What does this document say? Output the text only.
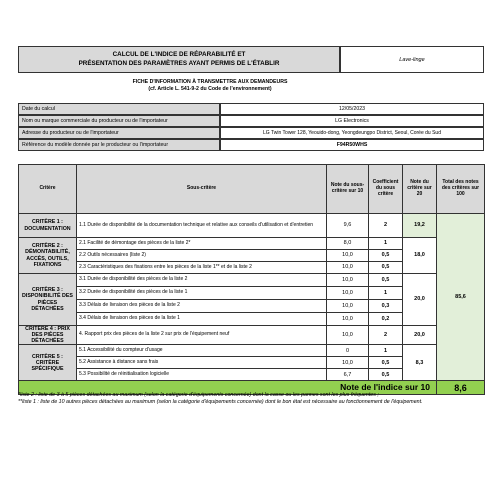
CALCUL DE L'INDICE DE RÉPARABILITÉ ET
PRÉSENTATION DES PARAMÈTRES AYANT PERMIS DE L'ÉTABLIR	Lave-linge
FICHE D'INFORMATION À TRANSMETTRE AUX DEMANDEURS
(cf. Article L. 541-9-2 du Code de l'environnement)
Date du calcul	12/05/2023
Nom ou marque commerciale du producteur ou de l'importateur	LG Electronics
Adresse du producteur ou de l'importateur	LG Twin Tower 128, Yeouido-dong, Yeongdeungpo District, Seoul, Corée du Sud
Référence du modèle donnée par le producteur ou l'importateur	F94R50WHS
Critère	Sous-critère	Note du sous-critère sur 10	Coefficient du sous critère	Note du critère sur 20	Total des notes des critères sur 100
CRITÈRE 1 : DOCUMENTATION	1.1 Durée de disponibilité de la documentation technique et relative aux conseils d'utilisation et d'entretien	9,6	2	19,2	85,6
CRITÈRE 2 : DÉMONTABILITÉ, ACCÈS, OUTILS, FIXATIONS	2.1 Facilité de démontage des pièces de la liste 2*	8,0	1	18,0	
	2.2 Outils nécessaires (liste 2)	10,0	0,5		
	2.3 Caractéristiques des fixations entre les pièces de la liste 1** et de la liste 2	10,0	0,5		
CRITÈRE 3 : DISPONIBILITÉ DES PIÈCES DÉTACHÉES	3.1 Durée de disponibilité des pièces de la liste 2	10,0	0,5	20,0	
	3.2 Durée de disponibilité des pièces de la liste 1	10,0	1		
	3.3 Délais de livraison des pièces de la liste 2	10,0	0,3		
	3.4 Délais de livraison des pièces de la liste 1	10,0	0,2		
CRITÈRE 4 : PRIX DES PIÈCES DÉTACHÉES	4. Rapport prix des pièces de la liste 2 sur prix de l'équipement neuf	10,0	2	20,0	
CRITÈRE 5 : CRITÈRE SPÉCIFIQUE	5.1 Accessibilité du compteur d'usage	0	1	8,3	
	5.2 Assistance à distance sans frais	10,0	0,5		
	5.3 Possibilité de réinitialisation logicielle	6,7	0,5		
Note de l'indice sur 10					8,6
*liste 2 : liste de 3 à 5 pièces détachées au maximum (selon la catégorie d'équipements concernée) dont la casse ou les pannes sont les plus fréquentes ;
**liste 1 : liste de 10 autres pièces détachées au maximum (selon la catégorie d'équipements concernée) dont le bon état est nécessaire au fonctionnement de l'équipement.
